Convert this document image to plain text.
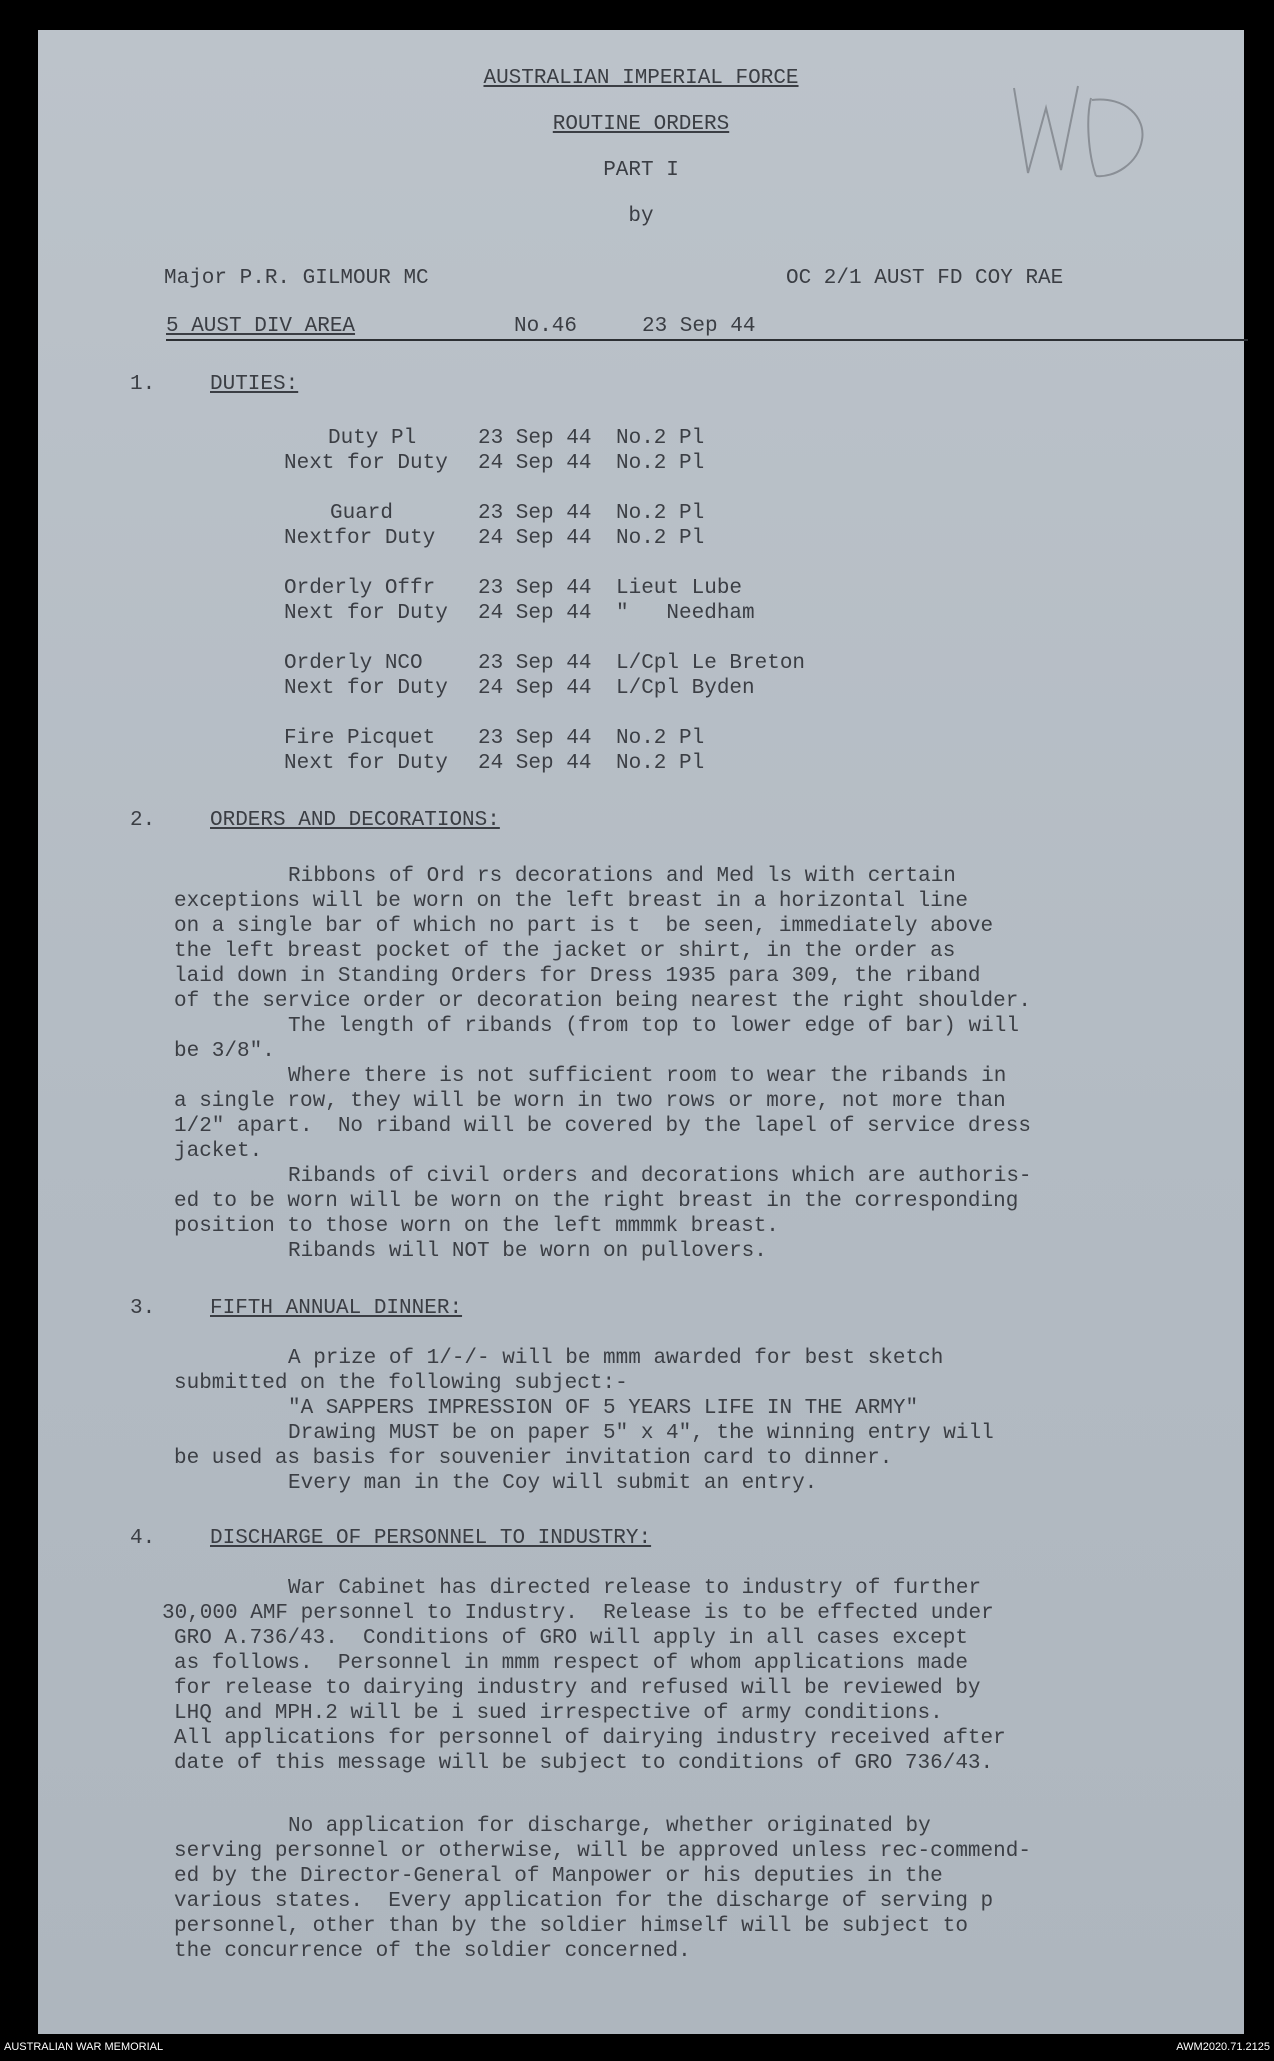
AUSTRALIAN IMPERIAL FORCE
ROUTINE ORDERS
PART I
by
Major P.R. GILMOUR MC	OC 2/1 AUST FD COY RAE
5 AUST DIV AREA	No.46	23 Sep 44
1.	DUTIES:
Duty Pl	23 Sep 44 No.2 Pl
Next for Duty 24 Sep 44 No.2 Pl
Guard	23 Sep 44 No.2 Pl
Nextfor Duty 24 Sep 44 No.2 Pl
Orderly Offr 23 Sep 44 Lieut Lube
Next for Duty 24 Sep 44 "   Needham
Orderly NCO	23 Sep 44 L/Cpl Le Breton
Next for Duty 24 Sep 44 L/Cpl Byden
Fire Picquet 23 Sep 44 No.2 Pl
Next for Duty 24 Sep 44 No.2 Pl
2.	ORDERS AND DECORATIONS:
Ribbons of Ord rs decorations and Med ls with certain
exceptions will be worn on the left breast in a horizontal line
on a single bar of which no part is t  be seen, immediately above
the left breast pocket of the jacket or shirt, in the order as
laid down in Standing Orders for Dress 1935 para 309, the riband
of the service order or decoration being nearest the right shoulder.
The length of ribands (from top to lower edge of bar) will
be 3/8".
Where there is not sufficient room to wear the ribands in
a single row, they will be worn in two rows or more, not more than
1/2" apart.  No riband will be covered by the lapel of service dress
jacket.
Ribands of civil orders and decorations which are authoris-
ed to be worn will be worn on the right breast in the corresponding
position to those worn on the left mmmmk breast.
Ribands will NOT be worn on pullovers.
3.	FIFTH ANNUAL DINNER:
A prize of 1/-/- will be mmm awarded for best sketch
submitted on the following subject:-
"A SAPPERS IMPRESSION OF 5 YEARS LIFE IN THE ARMY"
Drawing MUST be on paper 5" x 4", the winning entry will
be used as basis for souvenier invitation card to dinner.
Every man in the Coy will submit an entry.
4.	DISCHARGE OF PERSONNEL TO INDUSTRY:
War Cabinet has directed release to industry of further
30,000 AMF personnel to Industry.  Release is to be effected under
GRO A.736/43.  Conditions of GRO will apply in all cases except
as follows.  Personnel in mmm respect of whom applications made
for release to dairying industry and refused will be reviewed by
LHQ and MPH.2 will be i sued irrespective of army conditions.
All applications for personnel of dairying industry received after
date of this message will be subject to conditions of GRO 736/43.
No application for discharge, whether originated by
serving personnel or otherwise, will be approved unless rec-commend-
ed by the Director-General of Manpower or his deputies in the
various states.  Every application for the discharge of serving p
personnel, other than by the soldier himself will be subject to
the concurrence of the soldier concerned.
AUSTRALIAN WAR MEMORIAL	AWM2020.71.2125
